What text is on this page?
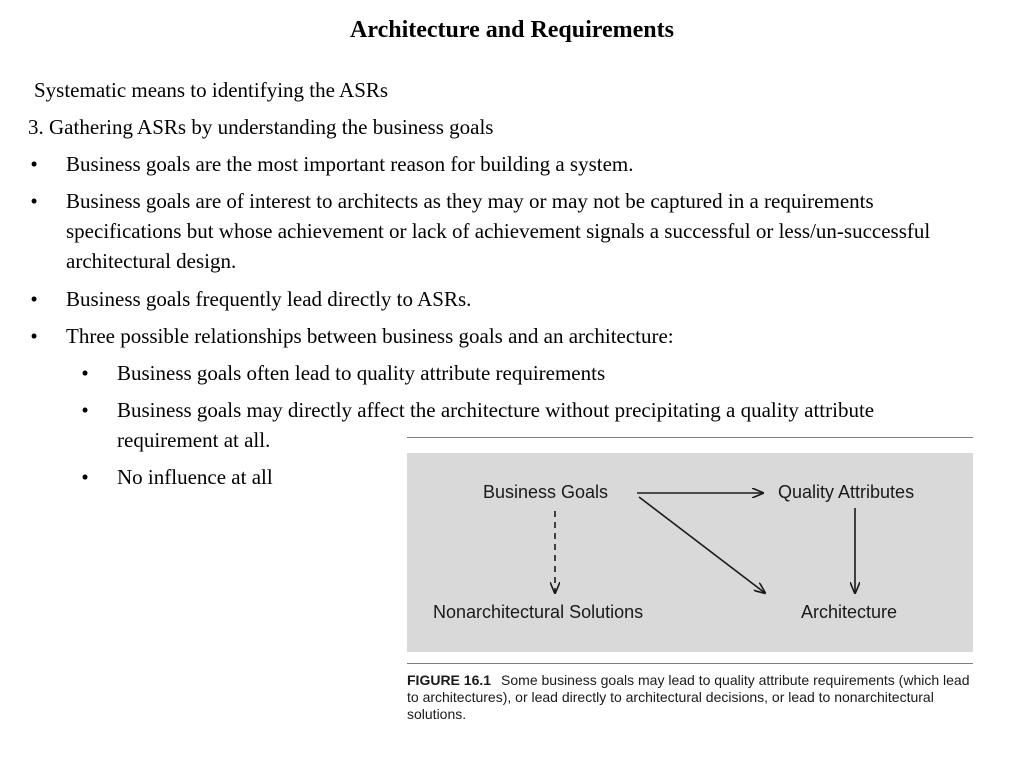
Architecture and Requirements
Systematic means to identifying the ASRs
3. Gathering ASRs by understanding the business goals
• Business goals are the most important reason for building a system.
• Business goals are of interest to architects as they may or may not be captured in a requirements specifications but whose achievement or lack of achievement signals a successful or less/un-successful architectural design.
• Business goals frequently lead directly to ASRs.
• Three possible relationships between business goals and an architecture:
• Business goals often lead to quality attribute requirements
• Business goals may directly affect the architecture without precipitating a quality attribute requirement at all.
• No influence at all
Business Goals	Quality Attributes
Nonarchitectural Solutions	Architecture
FIGURE 16.1 Some business goals may lead to quality attribute requirements (which lead to architectures), or lead directly to architectural decisions, or lead to nonarchitectural solutions.
